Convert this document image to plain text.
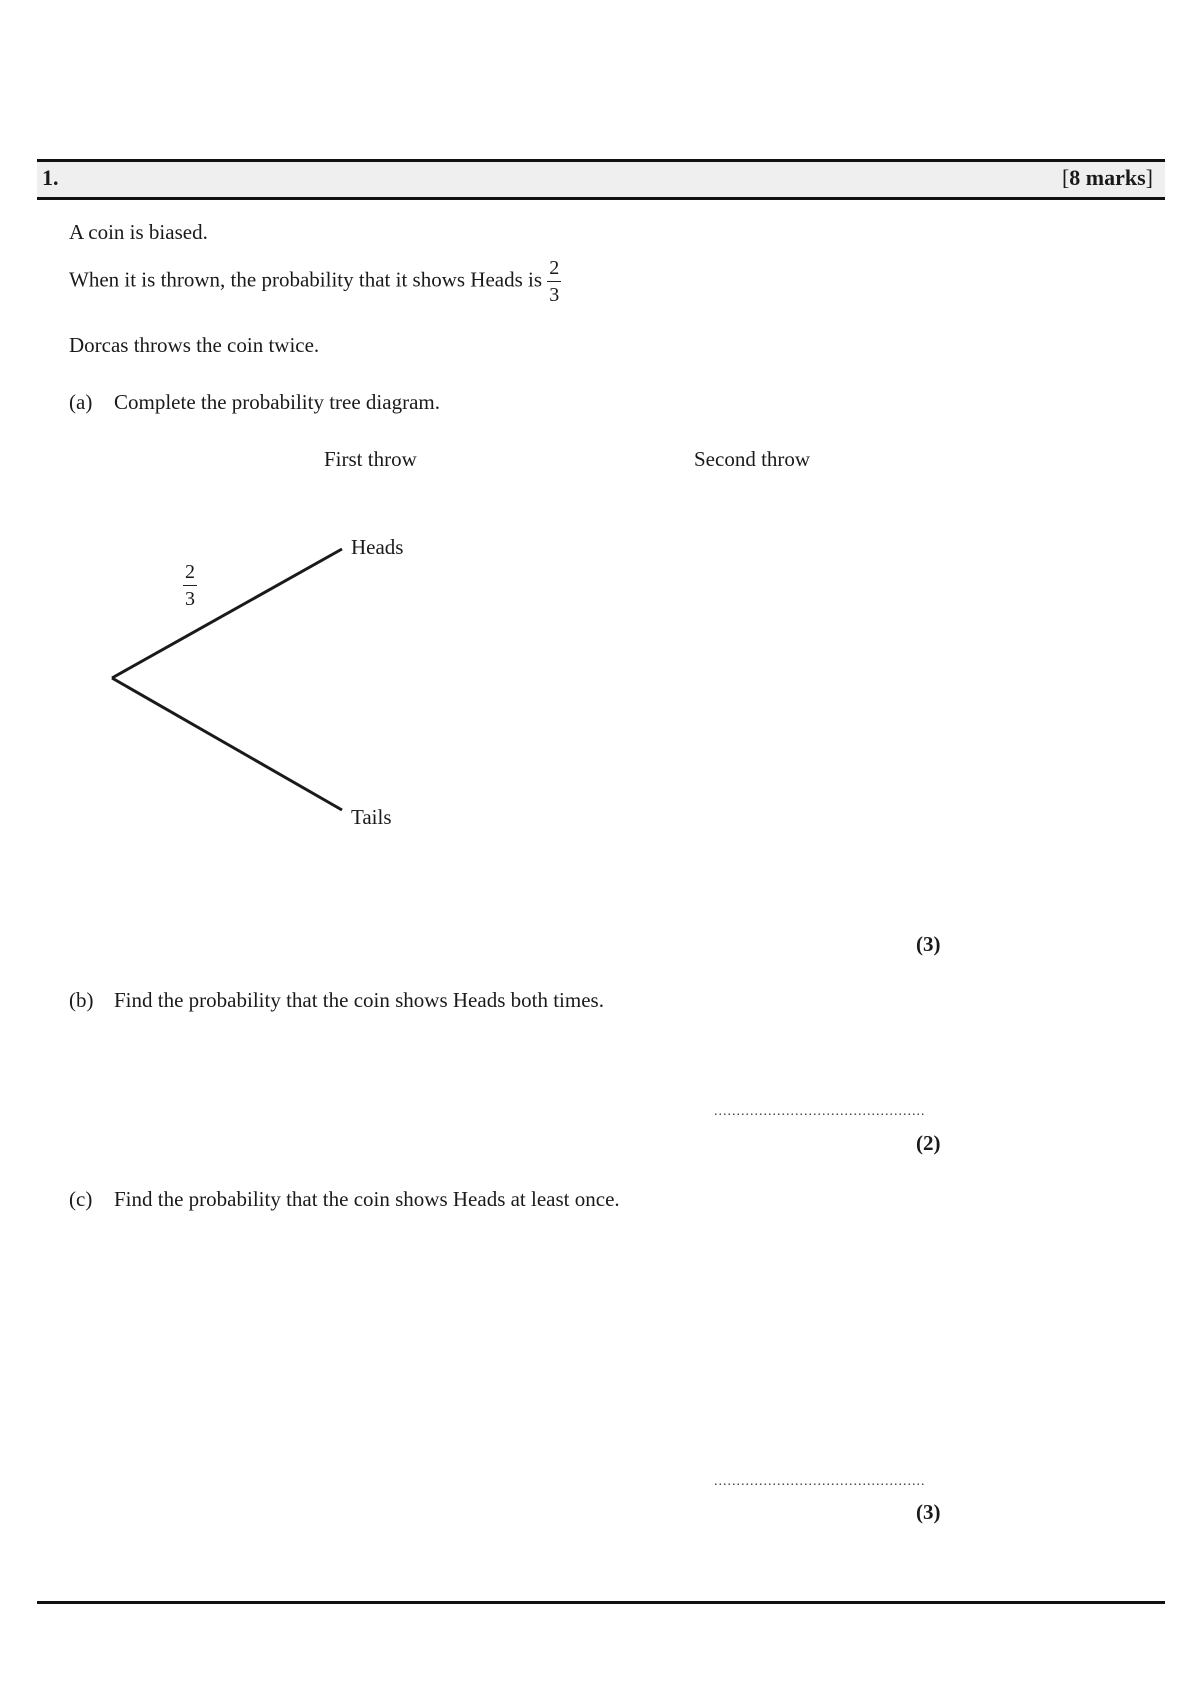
1.	[8 marks]
A coin is biased.
When it is thrown, the probability that it shows Heads is $\frac{2}{3}$
Dorcas throws the coin twice.
(a) Complete the probability tree diagram.
First throw	Second throw
Heads
Tails
$\frac{2}{3}$
(3)
(b) Find the probability that the coin shows Heads both times.
...............................................
(2)
(c) Find the probability that the coin shows Heads at least once.
...............................................
(3)
